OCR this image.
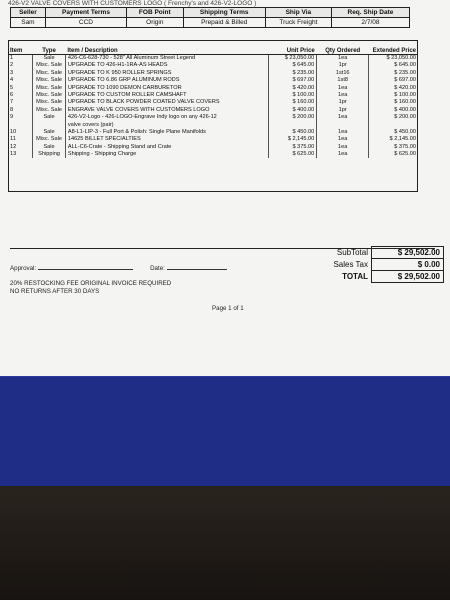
426-V2 VALVE COVERS WITH CUSTOMERS LOGO ( Frenchy's and 426-V2-LOGO )
Seller	Payment Terms	FOB Point	Shipping Terms	Ship Via	Req. Ship Date
Sam	CCD	Origin	Prepaid & Billed	Truck Freight	2/7/08
Item	Type	Item / Description	Unit Price	Qty Ordered	Extended Price
1	Sale	426-C6-628-730 - 528" All Aluminum Street Legend	$ 23,050.00	1ea	$ 23,050.00
2	Misc. Sale	UPGRADE TO 426-H1-1RA-AS HEADS	$ 645.00	1pr	$ 645.00
3	Misc. Sale	UPGRADE TO K 950 ROLLER SPRINGS	$ 235.00	1st16	$ 235.00
4	Misc. Sale	UPGRADE TO 6.86 GRP ALUMINUM RODS	$ 697.00	1st8	$ 697.00
5	Misc. Sale	UPGRADE TO 1090 DEMON CARBURETOR	$ 420.00	1ea	$ 420.00
6	Misc. Sale	UPGRADE TO CUSTOM ROLLER CAMSHAFT	$ 100.00	1ea	$ 100.00
7	Misc. Sale	UPGRADE TO BLACK POWDER COATED VALVE COVERS	$ 160.00	1pr	$ 160.00
8	Misc. Sale	ENGRAVE VALVE COVERS WITH CUSTOMERS LOGO	$ 400.00	1pr	$ 400.00
9	Sale	426-V2-Logo - 426-LOGO-Engrave Indy logo on any 426-12	$ 200.00	1ea	$ 200.00
		valve covers (pair)			
10	Sale	A8-L1-LIP-3 - Full Port & Polish: Single Plane Manifolds	$ 450.00	1ea	$ 450.00
11	Misc. Sale	14625 BILLET SPECIALTIES	$ 2,145.00	1ea	$ 2,145.00
12	Sale	ALL-C6-Crate - Shipping Stand and Crate	$ 375.00	1ea	$ 375.00
13	Shipping	Shipping - Shipping Charge	$ 625.00	1ea	$ 625.00
SubTotal	$ 29,502.00
Sales Tax	$ 0.00
TOTAL	$ 29,502.00
Approval:	Date:
20% RESTOCKING FEE ORIGINAL INVOICE REQUIRED
NO RETURNS AFTER 30 DAYS
Page 1 of 1
